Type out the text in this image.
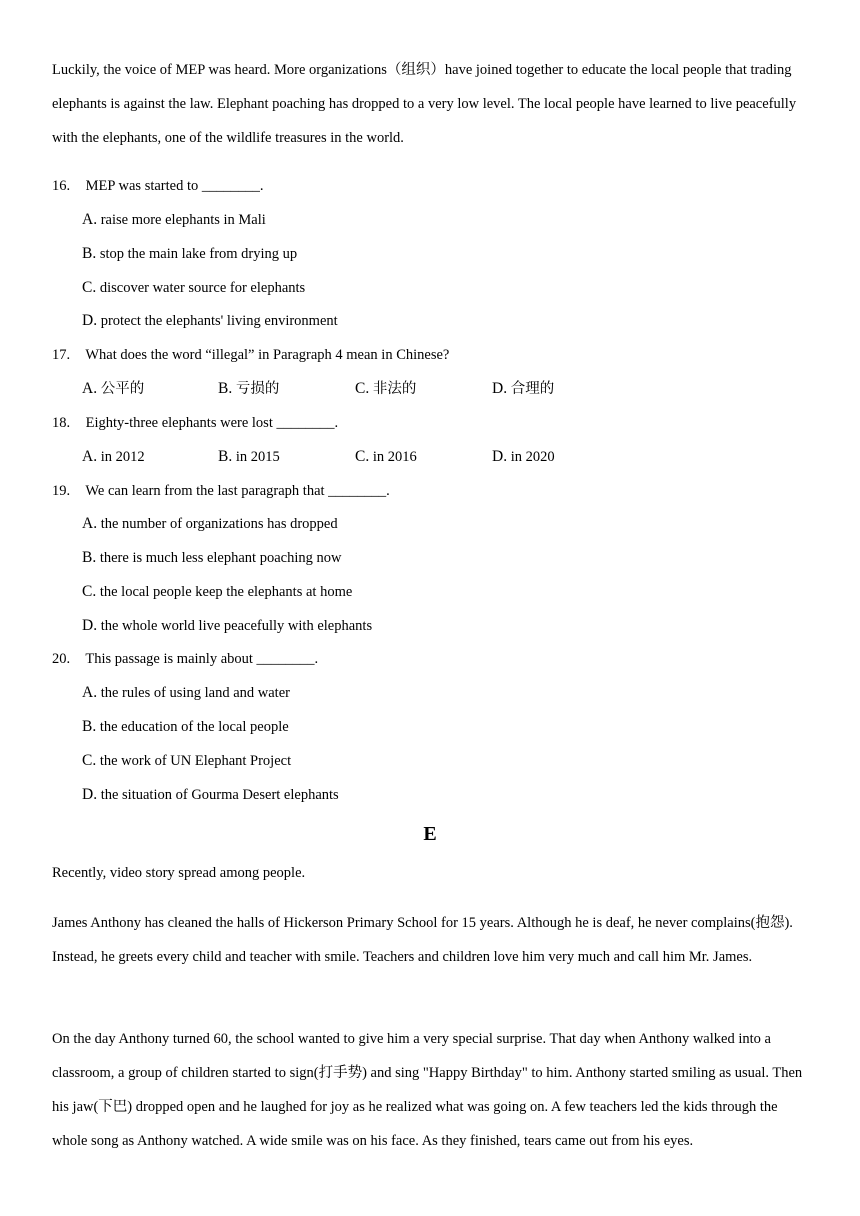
Luckily, the voice of MEP was heard. More organizations（组织）have joined together to educate the local people that trading elephants is against the law. Elephant poaching has dropped to a very low level. The local people have learned to live peacefully with the elephants, one of the wildlife treasures in the world.

16. MEP was started to ________.
A. raise more elephants in Mali
B. stop the main lake from drying up
C. discover water source for elephants
D. protect the elephants' living environment
17. What does the word “illegal” in Paragraph 4 mean in Chinese?
A. 公平的	B. 亏损的	C. 非法的	D. 合理的
18. Eighty-three elephants were lost ________.
A. in 2012	B. in 2015	C. in 2016	D. in 2020
19. We can learn from the last paragraph that ________.
A. the number of organizations has dropped
B. there is much less elephant poaching now
C. the local people keep the elephants at home
D. the whole world live peacefully with elephants
20. This passage is mainly about ________.
A. the rules of using land and water
B. the education of the local people
C. the work of UN Elephant Project
D. the situation of Gourma Desert elephants
E

Recently, video story spread among people.

James Anthony has cleaned the halls of Hickerson Primary School for 15 years. Although he is deaf, he never complains(抱怨). Instead, he greets every child and teacher with smile. Teachers and children love him very much and call him Mr. James.

On the day Anthony turned 60, the school wanted to give him a very special surprise. That day when Anthony walked into a classroom, a group of children started to sign(打手势) and sing "Happy Birthday" to him. Anthony started smiling as usual. Then his jaw(下巴) dropped open and he laughed for joy as he realized what was going on. A few teachers led the kids through the whole song as Anthony watched. A wide smile was on his face. As they finished, tears came out from his eyes.
